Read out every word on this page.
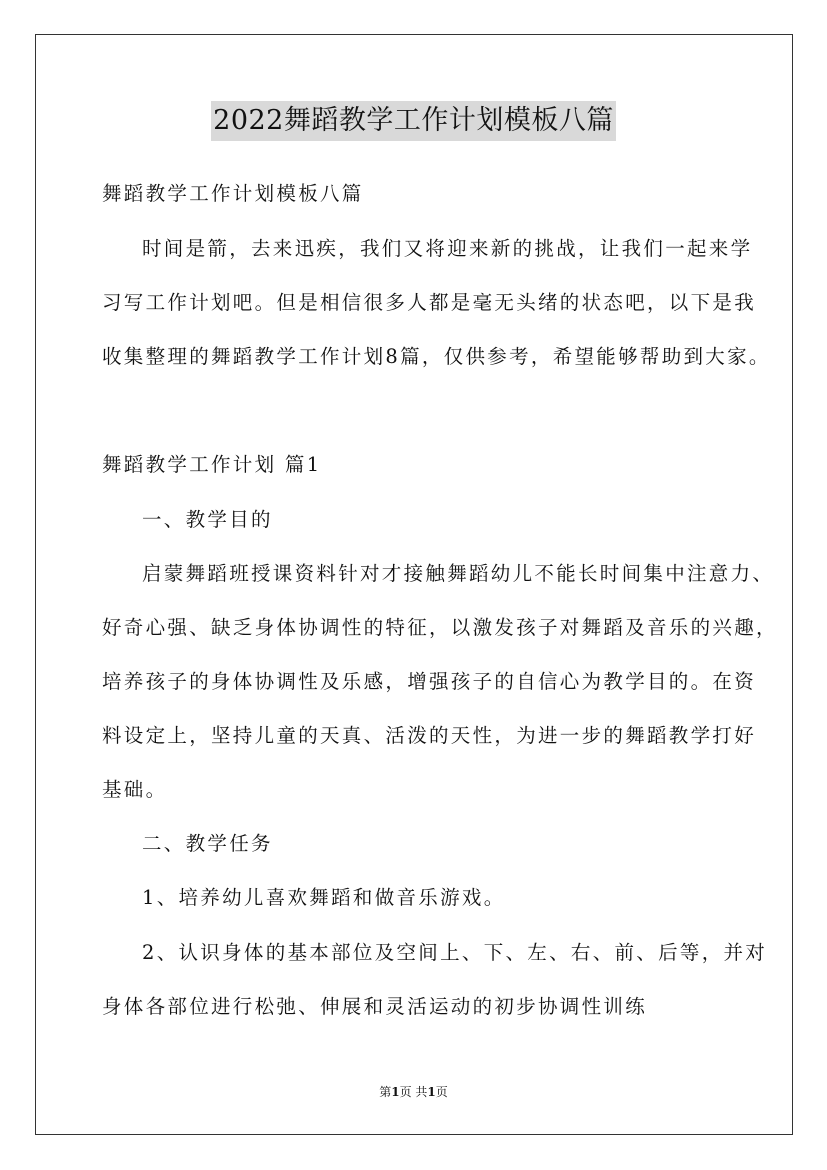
2022舞蹈教学工作计划模板八篇
舞蹈教学工作计划模板八篇
时间是箭，去来迅疾，我们又将迎来新的挑战，让我们一起来学
习写工作计划吧。但是相信很多人都是毫无头绪的状态吧，以下是我
收集整理的舞蹈教学工作计划8篇，仅供参考，希望能够帮助到大家。
舞蹈教学工作计划 篇1
一、教学目的
启蒙舞蹈班授课资料针对才接触舞蹈幼儿不能长时间集中注意力、
好奇心强、缺乏身体协调性的特征，以激发孩子对舞蹈及音乐的兴趣，
培养孩子的身体协调性及乐感，增强孩子的自信心为教学目的。在资
料设定上，坚持儿童的天真、活泼的天性，为进一步的舞蹈教学打好
基础。
二、教学任务
1、培养幼儿喜欢舞蹈和做音乐游戏。
2、认识身体的基本部位及空间上、下、左、右、前、后等，并对
身体各部位进行松弛、伸展和灵活运动的初步协调性训练
第1页 共1页
